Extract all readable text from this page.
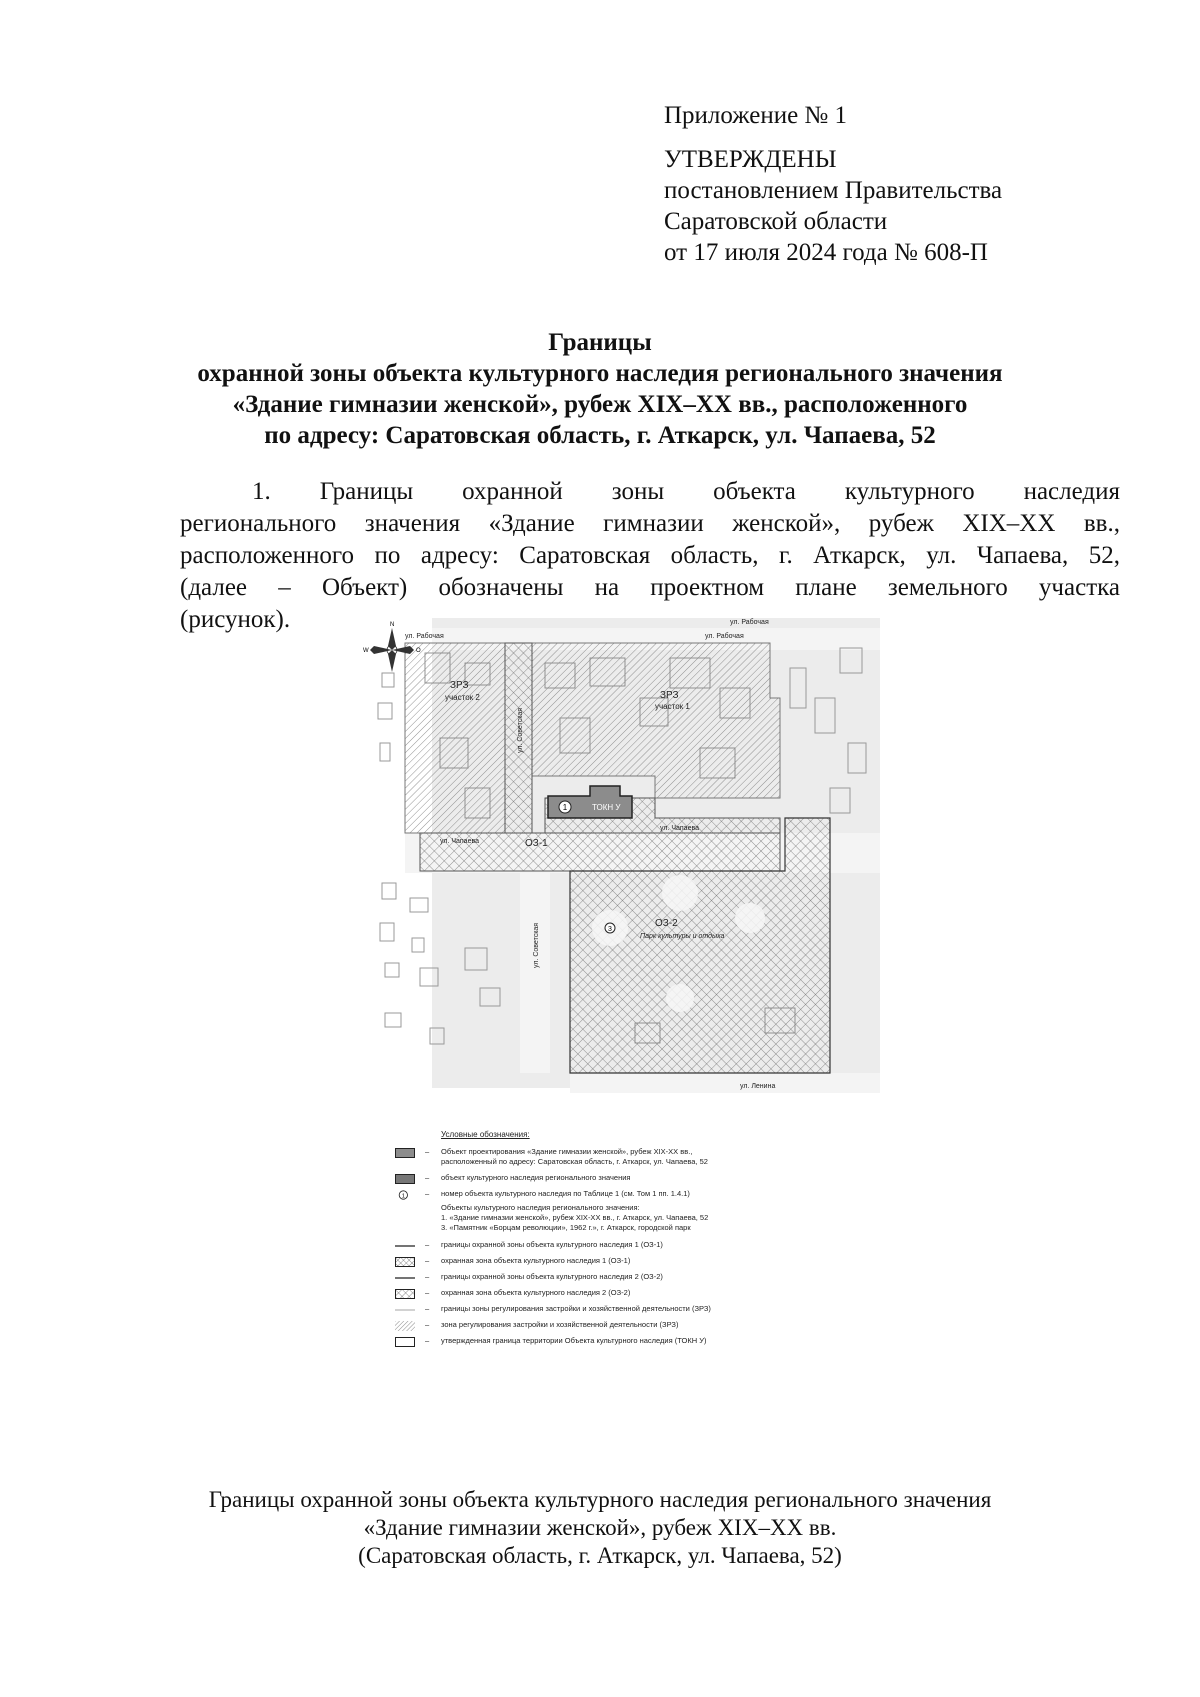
Приложение № 1
УТВЕРЖДЕНЫ
постановлением Правительства
Саратовской области
от 17 июля 2024 года № 608-П
Границы
охранной зоны объекта культурного наследия регионального значения
«Здание гимназии женской», рубеж XIX–XX вв., расположенного
по адресу: Саратовская область, г. Аткарск, ул. Чапаева, 52
1. Границы охранной зоны объекта культурного наследия
регионального значения «Здание гимназии женской», рубеж XIX–XX вв.,
расположенного по адресу: Саратовская область, г. Аткарск, ул. Чапаева, 52,
(далее – Объект) обозначены на проектном плане земельного участка
(рисунок).
1	ТОКН У
3
ЗРЗ
участок 2	ЗРЗ
участок 1
ОЗ-1
ОЗ-2
Парк культуры и отдыха
ул. Чапаева
ул. Чапаева
ул. Рабочая	ул. Рабочая
ул. Рабочая
ул. Ленина
ул. Советская
ул. Советская
N
W	O
Условные обозначения:
– Объект проектирования «Здание гимназии женской», рубеж XIX-XX вв., расположенный по адресу: Саратовская область, г. Аткарск, ул. Чапаева, 52
– объект культурного наследия регионального значения
1	– номер объекта культурного наследия по Таблице 1 (см. Том 1 пп. 1.4.1)
Объекты культурного наследия регионального значения:
1. «Здание гимназии женской», рубеж XIX-XX вв., г. Аткарск, ул. Чапаева, 52
3. «Памятник «Борцам революции», 1962 г.», г. Аткарск, городской парк
– границы охранной зоны объекта культурного наследия 1 (ОЗ-1)
– охранная зона объекта культурного наследия 1 (ОЗ-1)
– границы охранной зоны объекта культурного наследия 2 (ОЗ-2)
– охранная зона объекта культурного наследия 2 (ОЗ-2)
– границы зоны регулирования застройки и хозяйственной деятельности (ЗРЗ)
– зона регулирования застройки и хозяйственной деятельности (ЗРЗ)
– утвержденная граница территории Объекта культурного наследия (ТОКН У)
Границы охранной зоны объекта культурного наследия регионального значения
«Здание гимназии женской», рубеж XIX–XX вв.
(Саратовская область, г. Аткарск, ул. Чапаева, 52)
